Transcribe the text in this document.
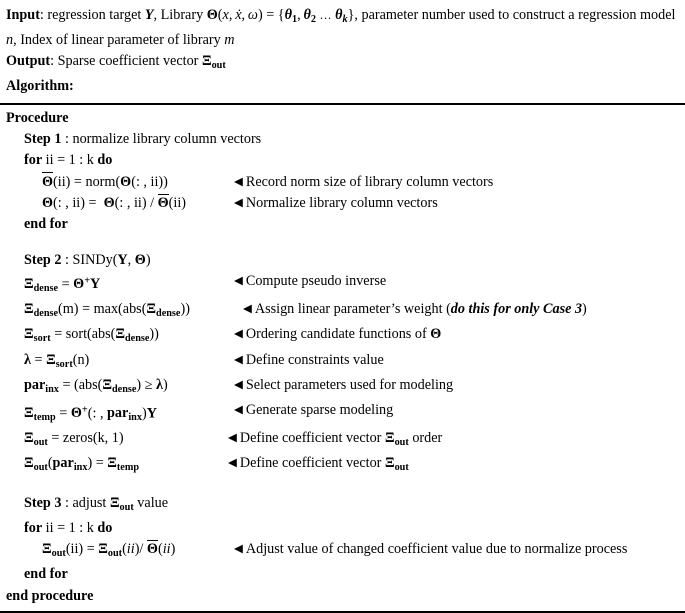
Input: regression target Y, Library Θ(x, ẋ, $\omega) = \{\theta_1$, $\theta_2$ … $\theta_k$}, parameter number used to construct a regression model n, Index of linear parameter of library m
Output: Sparse coefficient vector $\Xi_{out}$
Algorithm:
Procedure
Step 1 : normalize library column vectors
for ii = 1 : k do
Θ(ii) = norm(Θ(: , ii))	◀ Record norm size of library column vectors
Θ(: , ii) =  Θ(: , ii) / Θ(ii)	◀ Normalize library column vectors
end for
Step 2 : SINDy(Y, Θ)
$\Xi_{dense} = \Theta^+Y$	◀ Compute pseudo inverse
$\Xi_{dense}(m) = \max(abs(\Xi_{dense}))$	◀ Assign linear parameter’s weight (do this for only Case 3)
$\Xi_{sort}$ = $sort(abs(\Xi_{dense}))$	◀ Ordering candidate functions of Θ
$\lambda = \Xi_{sort}(n)$	◀ Define constraints value
$par_{inx} = (abs(\Xi_{dense}) \ge \lambda)$	◀ Select parameters used for modeling
$\Xi_{temp} = \Theta^+$(: , par$_{inx}$)Y	◀ Generate sparse modeling
$\Xi_{out}$ = zeros(k, 1)	◀ Define coefficient vector $\Xi_{out}$ order
$\Xi_{out}(par_{inx}) = \Xi_{temp}$	◀ Define coefficient vector $\Xi_{out}$
Step 3 : adjust $\Xi_{out}$ value
for ii = 1 : k do
$\Xi_{out}(ii) = \Xi_{out}(ii)/$ Θ(ii)	◀ Adjust value of changed coefficient value due to normalize process
end for
end procedure
